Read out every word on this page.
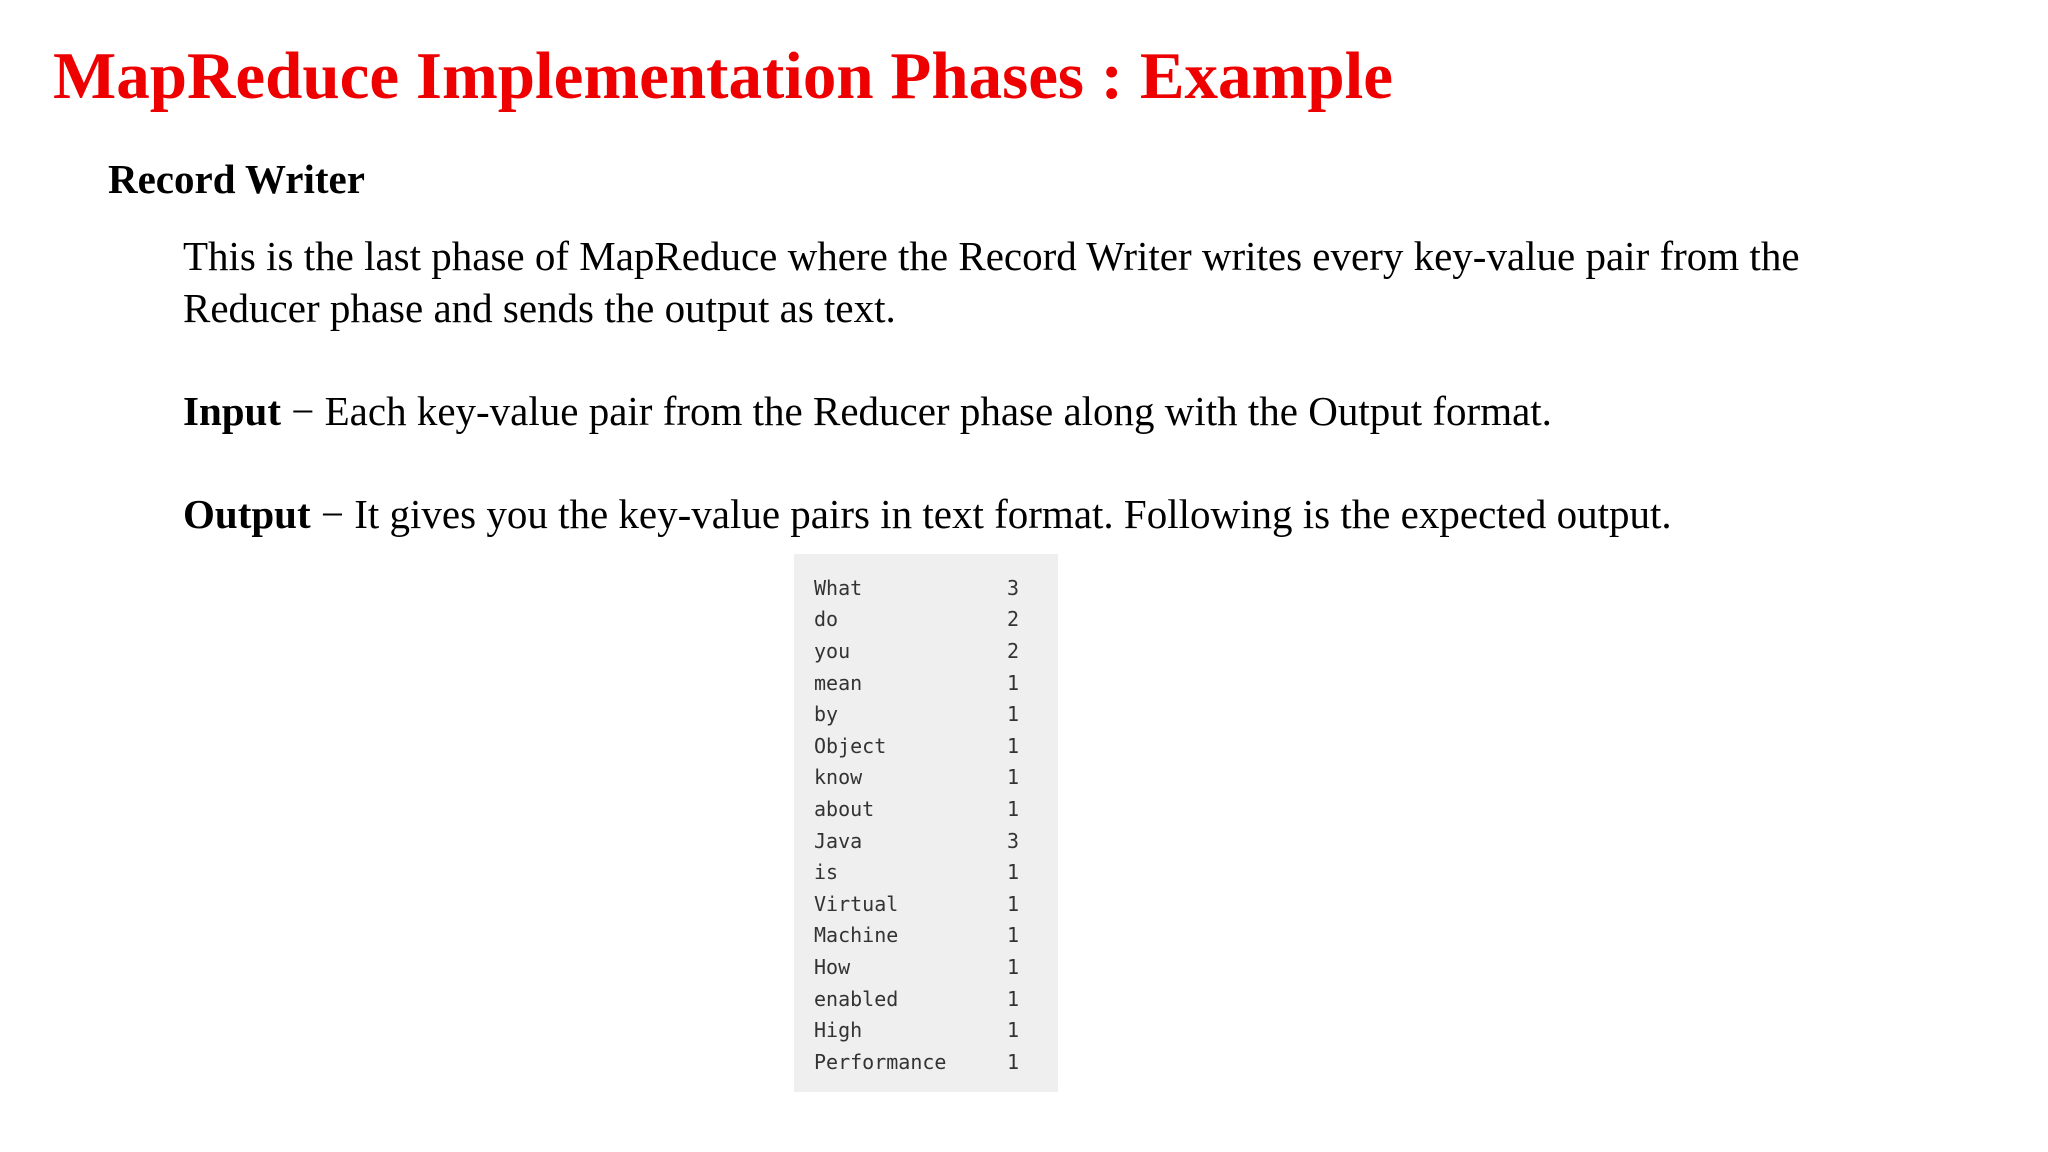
MapReduce Implementation Phases : Example
Record Writer

This is the last phase of MapReduce where the Record Writer writes every key-value pair from the Reducer phase and sends the output as text.

Input − Each key-value pair from the Reducer phase along with the Output format.

Output − It gives you the key-value pairs in text format. Following is the expected output.

What	3
do	2
you	2
mean	1
by	1
Object	1
know	1
about	1
Java	3
is	1
Virtual	1
Machine	1
How	1
enabled	1
High	1
Performance	1
